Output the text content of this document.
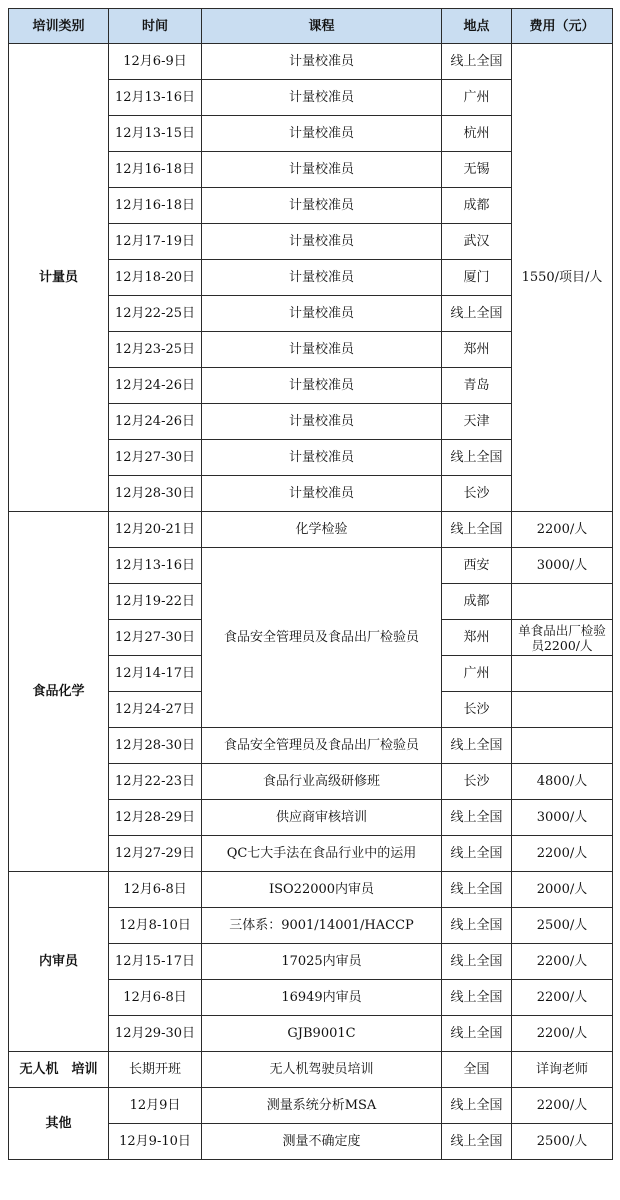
培训类别	时间	课程	地点	费用（元）
计量员	12月6-9日	计量校准员	线上全国	1550/项目/人
	12月13-16日	计量校准员	广州	
	12月13-15日	计量校准员	杭州	
	12月16-18日	计量校准员	无锡	
	12月16-18日	计量校准员	成都	
	12月17-19日	计量校准员	武汉	
	12月18-20日	计量校准员	厦门	
	12月22-25日	计量校准员	线上全国	
	12月23-25日	计量校准员	郑州	
	12月24-26日	计量校准员	青岛	
	12月24-26日	计量校准员	天津	
	12月27-30日	计量校准员	线上全国	
	12月28-30日	计量校准员	长沙	
食品化学	12月20-21日	化学检验	线上全国	2200/人
	12月13-16日	食品安全管理员及食品出厂检验员	西安	3000/人
	12月19-22日		成都	
	12月27-30日		郑州	单食品出厂检验员2200/人
	12月14-17日		广州	
	12月24-27日		长沙	
	12月28-30日	食品安全管理员及食品出厂检验员	线上全国	
	12月22-23日	食品行业高级研修班	长沙	4800/人
	12月28-29日	供应商审核培训	线上全国	3000/人
	12月27-29日	QC七大手法在食品行业中的运用	线上全国	2200/人
内审员	12月6-8日	ISO22000内审员	线上全国	2000/人
	12月8-10日	三体系：9001/14001/HACCP	线上全国	2500/人
	12月15-17日	17025内审员	线上全国	2200/人
	12月6-8日	16949内审员	线上全国	2200/人
	12月29-30日	GJB9001C	线上全国	2200/人
无人机　培训	长期开班	无人机驾驶员培训	全国	详询老师
其他	12月9日	测量系统分析MSA	线上全国	2200/人
	12月9-10日	测量不确定度	线上全国	2500/人
